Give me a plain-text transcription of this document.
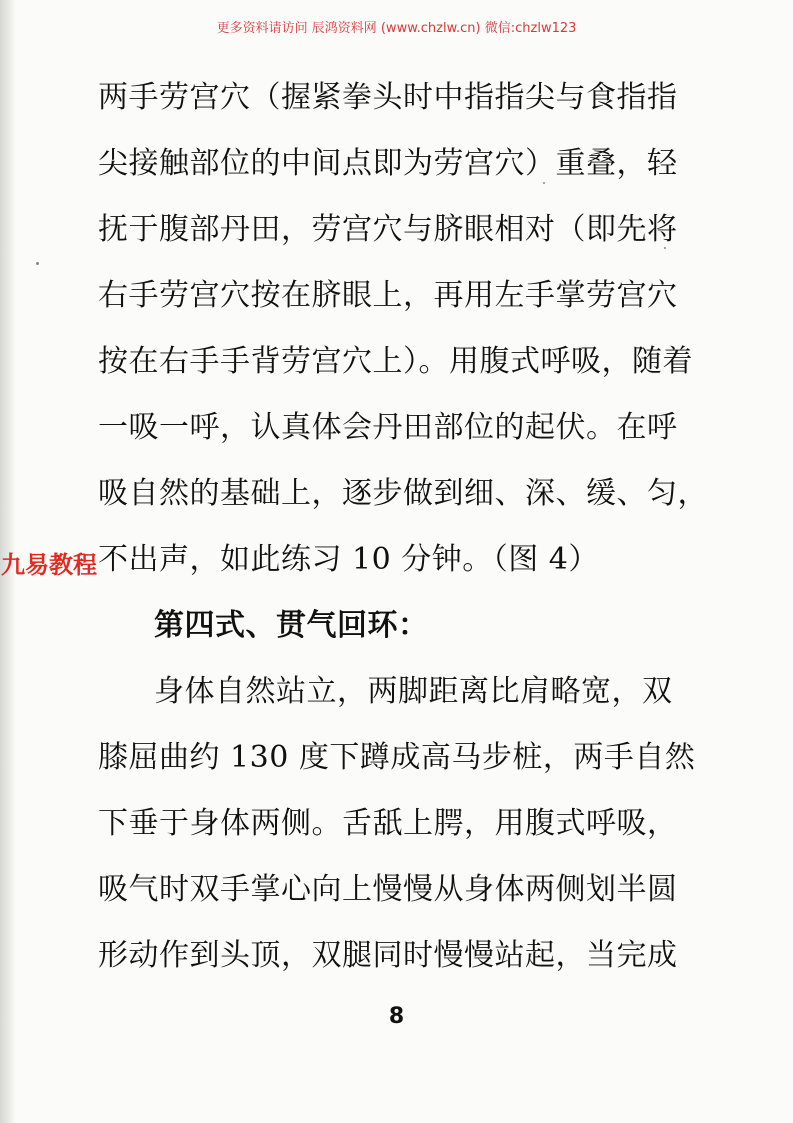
更多资料请访问 辰鸿资料网 (www.chzlw.cn) 微信:chzlw123
两手劳宫穴（握紧拳头时中指指尖与食指指
尖接触部位的中间点即为劳宫穴）重叠，轻
抚于腹部丹田，劳宫穴与脐眼相对（即先将
右手劳宫穴按在脐眼上，再用左手掌劳宫穴
按在右手手背劳宫穴上）。用腹式呼吸，随着
一吸一呼，认真体会丹田部位的起伏。在呼
吸自然的基础上，逐步做到细、深、缓、匀，
不出声，如此练习 10 分钟。（图 4）
第四式、贯气回环：
身体自然站立，两脚距离比肩略宽，双
膝屈曲约 130 度下蹲成高马步桩，两手自然
下垂于身体两侧。舌舐上腭，用腹式呼吸，
吸气时双手掌心向上慢慢从身体两侧划半圆
形动作到头顶，双腿同时慢慢站起，当完成
九易教程
8
